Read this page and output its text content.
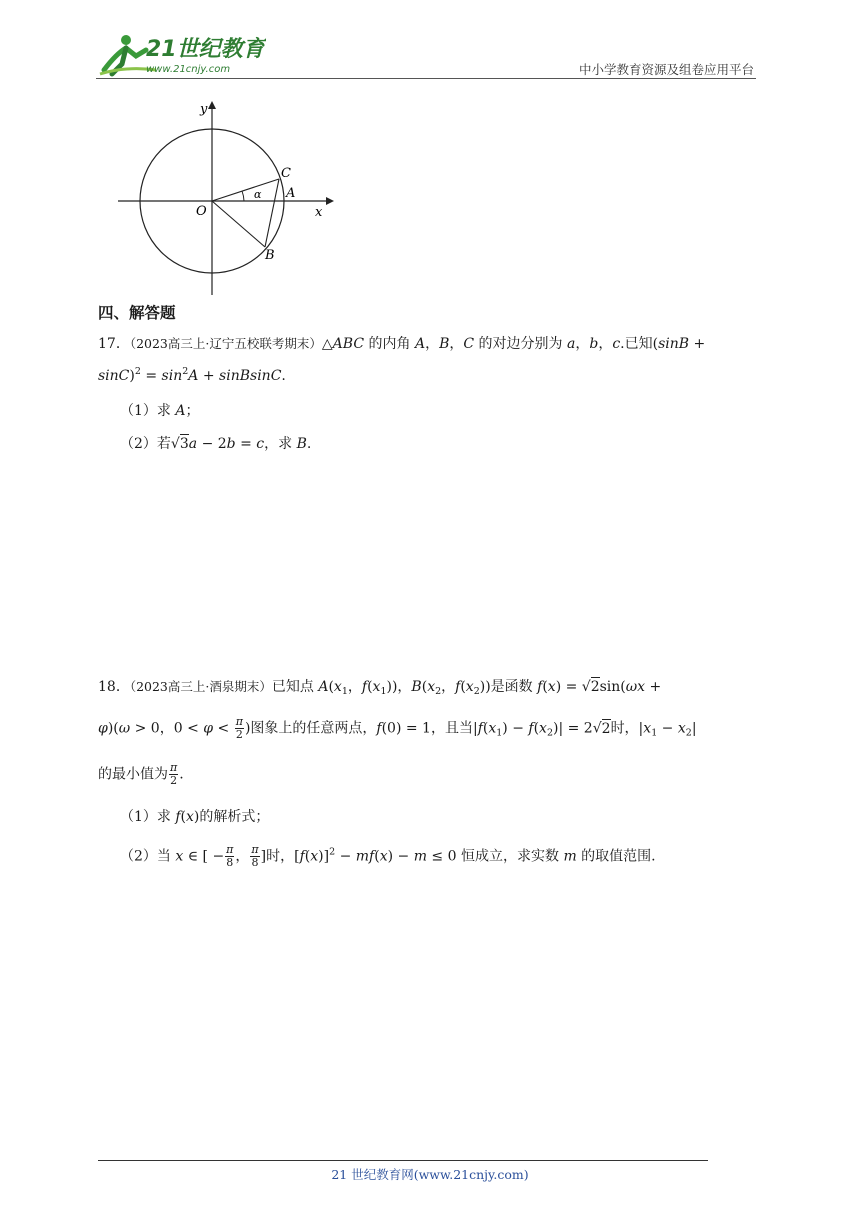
21世纪教育
www.21cnjy.com	中小学教育资源及组卷应用平台
y
x
O
C
A
B
α
四、解答题
17．（2023高三上·辽宁五校联考期末）△ABC 的内角 A，B，C 的对边分别为 a，b，c.已知(sinB +
$\sin C)^2 = \sin^2A$ + sinBsinC.
（1）求 A；
（2）若√3a − 2b = c，求 B.
18．（2023高三上·酒泉期末）已知点 $A(x_1$，$f(x_1)$)，$B(x_2$，$f(x_2)$)是函数 f(x) = √2sin(ωx +
φ)(ω > 0，$0 < \varphi < \frac{\pi}{2}$ )图象上的任意两点，f(0) = 1，且当$|f(x_1) - f(x_2)| = 2√2$时，$|x_1 - x_2|$
的最小值为 $\frac{\pi}{2}$ .
（1）求 f(x)的解析式；
（2）当 x ∈ [ − $\frac{\pi}{8}$ ， $\frac{\pi}{8}$ ]时，$[f(x)]^2 - mf(x) - m \le 0$ 恒成立，求实数 m 的取值范围.
21 世纪教育网(www.21cnjy.com)
